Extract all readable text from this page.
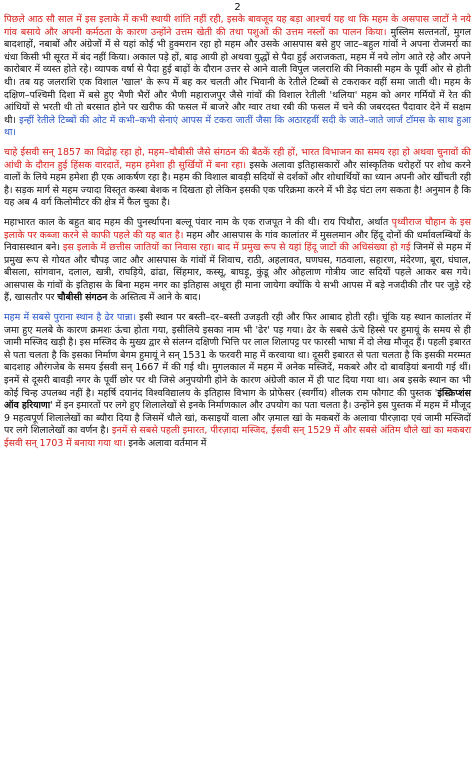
2

पिछले आठ सौ साल में इस इलाके में कभी स्थायी शांति नहीं रही, इसके बावजूद यह बड़ा आश्चर्य यह था कि महम के असपास जाटों ने नये गांव बसाये और अपनी कर्मठता के कारण उन्होंने उत्तम खेती की तथा पशुओं की उत्तम नस्लों का पालन किया। मुस्लिम सल्तनतों, मुगल बादशाहों, नबाबों और अंग्रेजों में से यहां कोई भी हुक्मरान रहा हो महम और उसके आसपास बसे हुए जाट–बहुल गांवों ने अपना रोजमर्रा का धंधा किसी भी सूरत में बंद नहीं किया। अकाल पड़े हों, बाढ़ आयी हो अथवा युद्धों से पैदा हुई अराजकता, महम में नये लोग आते रहे और अपने कारोबार में व्यस्त होते रहे। व्यापक वर्षा से पैदा हुई बाढ़ों के दौरान उत्तर से आने वाली विपुल जलराशि की निकासी महम के पूर्वी ओर से होती थी। तब यह जलराशि एक विशाल 'खाल' के रूप में बह कर चलती और भिवानी के रेतीले टिब्बों से टकराकर वहीं समा जाती थी। महम के दक्षिण–पश्चिमी दिशा में बसे हुए भैणी भैरों और भैणी महाराजपुर जैसे गांवों की विशाल रेतीली 'थलिया' महम को अगर गर्मियों में रेत की आंधियों से भरती थी तो बरसात होने पर खरीफ की फसल में बाजरे और ग्वार तथा रबी की फसल में चने की जबरदस्त पैदावार देने में सक्षम थी। इन्हीं रेतीले टिब्बों की ओट में कभी–कभी सेनाएं आपस में टकरा जातीं जैसा कि अठारहवीं सदी के जाते–जाते जार्ज टॉमस के साथ हुआ था।

चाहे ईसवी सन् 1857 का विद्रोह रहा हो, महम–चौबीसी जैसे संगठन की बैठकें रही हों, भारत विभाजन का समय रहा हो अथवा चुनावों की आंधी के दौरान हुई हिंसक वारदातें, महम हमेशा ही सुर्खियों में बना रहा। इसके अलावा इतिहासकारों और सांस्कृतिक धरोहरों पर शोध करने वालों के लिये महम हमेशा ही एक आकर्षण रहा है। महम की विशाल बावड़ी सदियों से दर्शकों और शोधार्थियों का ध्यान अपनी ओर खींचती रही है। सड़क मार्ग से महम ज्यादा विस्तृत कस्बा बेशक न दिखता हो लेकिन इसकी एक परिक्रमा करने में भी डेढ़ घंटा लग सकता है! अनुमान है कि यह अब 4 वर्ग किलोमीटर की क्षेत्र में फैल चुका है।

महाभारत काल के बहुत बाद महम की पुनर्स्थापना बल्लू पंवार नाम के एक राजपूत ने की थी। राय पिथौरा, अर्थात पृथ्वीराज चौहान के इस इलाके पर कब्जा करने से काफी पहले की यह बात है। महम और आसपास के गांव कालांतर में मुसलमान और हिंदू दोनों की धर्मावलम्बियों के निवासस्थान बने। इस इलाके में छत्तीस जातियों का निवास रहा। बाद में प्रमुख रूप से यहां हिंदू जाटों की अधिसंख्या हो गई जिनमें से महम में प्रमुख रूप से गोयत और चौपड़ जाट और आसपास के गांवों में शिवाच, राठी, अहलावत, घणघस, गठवाला, सहारण, मंदेरणा, बूरा, घंघाल, बीसला, सांगवान, दलाल, खत्री, राघड़िये, ढांढा, सिंहमार, कस्सू, बाघड़ू, कुंडू और ओहलाण गोत्रीय जाट सदियों पहले आकर बस गये। आसपास के गांवों के इतिहास के बिना महम नगर का इतिहास अधूरा ही माना जायेगा क्योंकि ये सभी आपस में बड़े नजदीकी तौर पर जुड़े रहे हैं, खासतौर पर चौबीसी संगठन के अस्तित्व में आने के बाद।

महम में सबसे पुराना स्थान है ढेर पान्ना। इसी स्थान पर बस्ती–दर–बस्ती उजड़ती रही और फिर आबाद होती रही। चूंकि यह स्थान कालांतर में जमा हुए मलबे के कारण क्रमशः ऊंचा होता गया, इसीलिये इसका नाम भी 'ढेर' पड़ गया। ढेर के सबसे ऊंचे हिस्से पर हुमायूं के समय से ही जामी मस्जिद खड़ी है। इस मस्जिद के मुख्य द्वार से संलग्न दक्षिणी भित्ति पर लाल शिलापट्ट पर फारसी भाषा में दो लेख मौजूद हैं। पहली इबारत से पता चलता है कि इसका निर्माण बेगम हुमायूं ने सन् 1531 के फरवरी माह में करवाया था। दूसरी इबारत से पता चलता है कि इसकी मरम्मत बादशाह औरंगजेब के समय ईसवी सन् 1667 में की गई थी। मुगलकाल में महम में अनेक मस्जिदें, मकबरे और दो बावड़ियां बनायी गई थीं। इनमें से दूसरी बावड़ी नगर के पूर्वी छोर पर थी जिसे अनुपयोगी होने के कारण अंग्रेजी काल में ही पाट दिया गया था। अब इसके स्थान का भी कोई चिन्ह उपलब्ध नहीं है। महर्षि दयानंद विश्वविद्यालय के इतिहास विभाग के प्रोफेसर (स्वर्गीय) शीलक राम फौगाट की पुस्तक 'इंस्क्रिप्शंस ऑव हरियाणा' में इन इमारतों पर लगे हुए शिलालेखों से इनके निर्माणकाल और उपयोग का पता चलता है। उन्होंने इस पुस्तक में महम में मौजूद 9 महत्वपूर्ण शिलालेखों का ब्यौरा दिया है जिसमें धौले खां, कसाइयों वाला और ज़माल खां के मकबरों के अलावा पीरज़ादा एवं जामी मस्जिदों पर लगे शिलालेखों का वर्णन है। इनमें से सबसे पहली इमारत, पीरज़ादा मस्जिद, ईसवी सन् 1529 में और सबसे अंतिम धौले खां का मकबरा ईसवी सन् 1703 में बनाया गया था। इनके अलावा वर्तमान में
